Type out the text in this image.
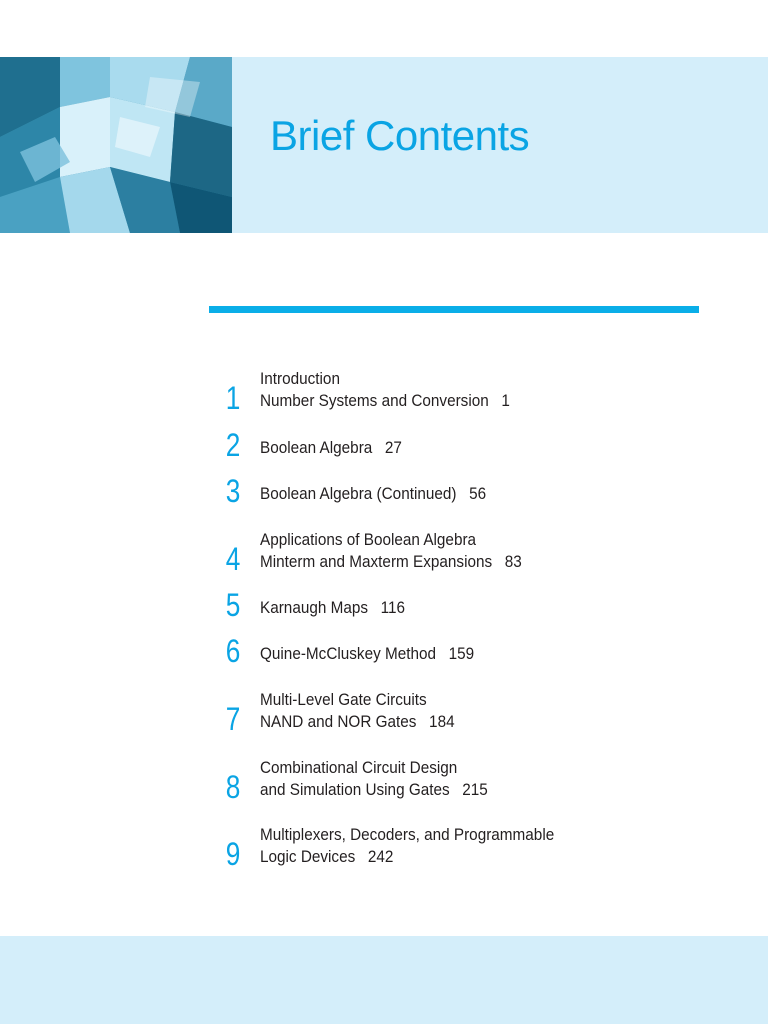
Brief Contents
1
Introduction
Number Systems and Conversion 1
2 Boolean Algebra 27
3 Boolean Algebra (Continued) 56
4
Applications of Boolean Algebra
Minterm and Maxterm Expansions 83
5 Karnaugh Maps 116
6 Quine-McCluskey Method 159
7
Multi-Level Gate Circuits
NAND and NOR Gates 184
8
Combinational Circuit Design
and Simulation Using Gates 215
9
Multiplexers, Decoders, and Programmable
Logic Devices 242
